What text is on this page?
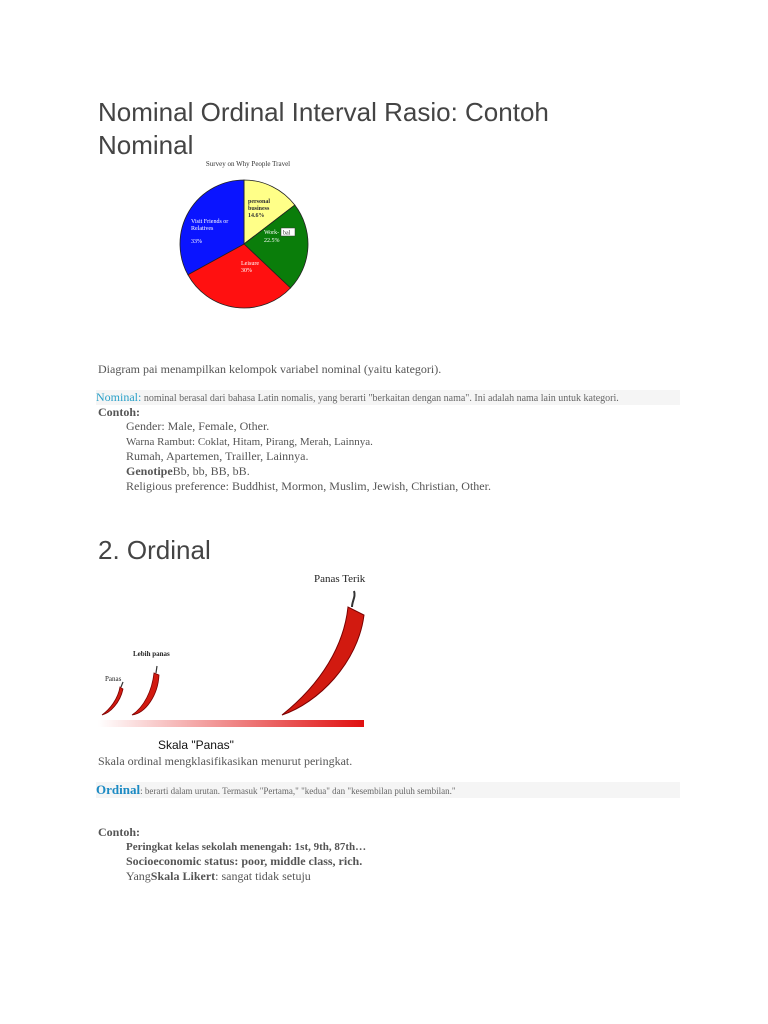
Nominal Ordinal Interval Rasio: Contoh Nominal
Survey on Why People Travel
personal
business
14.6%
Work- bal
22.5%
Leisure
30%
Visit Friends or
Relatives
33%
Diagram pai menampilkan kelompok variabel nominal (yaitu kategori).
Nominal: nominal berasal dari bahasa Latin nomalis, yang berarti "berkaitan dengan nama". Ini adalah nama lain untuk kategori.
Contoh:
Gender: Male, Female, Other.
Warna Rambut: Coklat, Hitam, Pirang, Merah, Lainnya.
Rumah, Apartemen, Trailler, Lainnya.
GenotipeBb, bb, BB, bB.
Religious preference: Buddhist, Mormon, Muslim, Jewish, Christian, Other.
2. Ordinal
Panas Terik
Lebih panas
Panas
Skala "Panas"
Skala ordinal mengklasifikasikan menurut peringkat.
Ordinal: berarti dalam urutan. Termasuk "Pertama," "kedua" dan "kesembilan puluh sembilan."
Contoh:
Peringkat kelas sekolah menengah: 1st, 9th, 87th…
Socioeconomic status: poor, middle class, rich.
YangSkala Likert: sangat tidak setuju
